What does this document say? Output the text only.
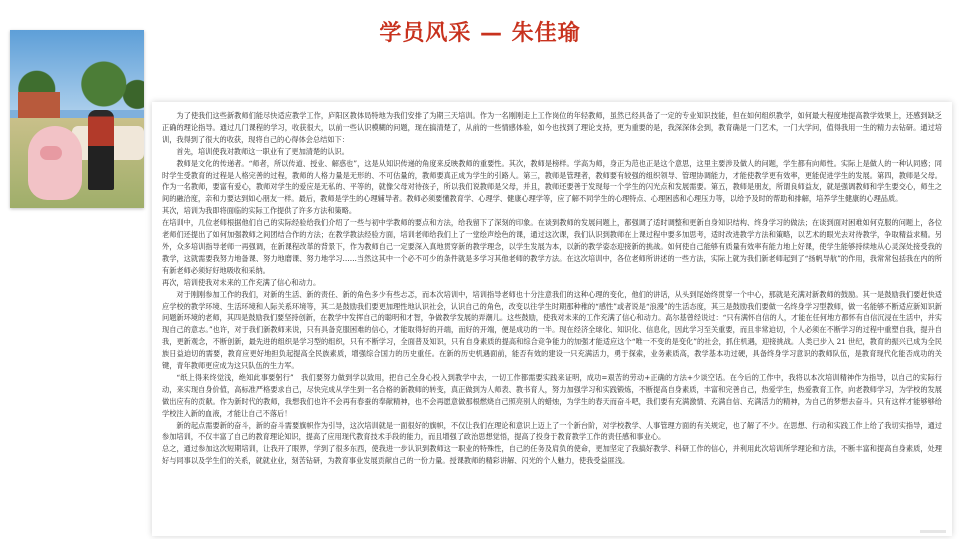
学员风采 — 朱佳瑜

为了使我们这些新教师们能尽快适应教学工作，庐阳区教体局特地为我们安排了为期三天培训。作为一名刚刚走上工作岗位的年轻教师，虽然已经具备了一定的专业知识技能，但在如何组织教学，如何最大程度地提高教学效果上，还感到缺乏正确的理论指导。通过几门课程的学习，收获很大，以前一些认识模糊的问题，现在搞清楚了，从前的一些情感体验，如今也找到了理论支持，更为重要的是，我深深体会到，教育确是一门艺术，一门大学问，值得我用一生的精力去钻研。通过培训，我得到了很大的收获，现将自己的心得体会总结如下：

首先，培训使我对教师这一职业有了更加清楚的认识。

教师是文化的传递者。“师者，所以传道、授业、解惑也”，这是从知识传递的角度来反映教师的重要性。其次，教师是榜样。学高为师，身正为范也正是这个意思，这里主要涉及做人的问题，学生都有向师性。实际上是做人的一种认同感；同时学生受教育的过程是人格完善的过程，教师的人格力量是无形的、不可估量的，教师要真正成为学生的引路人。第三，教师是管理者，教师要有较强的组织领导、管理协调能力，才能使教学更有效率，更能促进学生的发展。第四，教师是父母。作为一名教师，要富有爱心，教师对学生的爱应是无私的、平等的，就像父母对待孩子，所以我们说教师是父母，并且，教师还要善于发现每一个学生的闪光点和发展需要。第五，教师是朋友，所谓良师益友，就是强调教师和学生要交心，师生之间的融洽度，亲和力要达到如心朋友一样。最后，教师是学生的心理辅导者。教师必须要懂教育学、心理学、健康心理学等，应了解不同学生的心理特点、心理困惑和心理压力等，以给予及时的帮助和排解，培养学生健康的心理品质。

其次，培训为我即将面临的实际工作提供了许多方法和策略。

在培训中，几位老师根据他们自己的实际经验给我们介绍了一些与初中学教师的要点和方法，给我留下了深刻的印象。在谈到教师的发展问题上，都强调了适时调整和更新自身知识结构、终身学习的做法；在谈到面对困难如何克服的问题上，各位老师们还提出了如何加强教师之间团结合作的方法；在教学教法经验方面，培训老师给我们上了一堂绘声绘色的课，通过这次课，我们认识到教师在上课过程中要多加思考，适时改进教学方法和策略，以艺术的眼光去对待教学，争取精益求精。另外，众多培训指导老师一再强调，在新课程改革的背景下，作为教师自己一定要深入真地贯穿新的教学理念，以学生发展为本，以新的教学姿态迎接新的挑战。如何使自己能够有质量有效率有能力地上好课，使学生能够持续地从心灵深处接受我的教学，这就需要我努力地备课、努力地磨课、努力地学习……当然这其中一个必不可少的条件就是多学习其他老师的教学方法。在这次培训中，各位老师所讲述的一些方法，实际上就为我们新老师起到了“扬帆导航”的作用，我常常包括我在内的所有新老师必须好好地吸收和采纳。

再次，培训使我对未来的工作充满了信心和动力。

对于刚刚参加工作的我们，对新的生活、新的责任、新的角色多少有些忐忑，而本次培训中，培训指导老师也十分注意我们的这种心理的变化，他们的讲话，从头到尾始终贯穿一个中心，那就是充满对新教师的鼓励。其一是鼓励我们要赶快适应学校的教学环境、生活环境和人际关系环境等，其二是鼓励我们要更加理性地认识社会，认识自己的角色，改变以往学生时期那种稚的“感性”或者说是“浪漫”的生活态度，其三是鼓励我们要做一名终身学习型教师，做一名能够不断适应新知识新问题新环境的老师，其四是鼓励我们要坚持创新，在教学中发挥自己的聪明和才智，争做教学发展的弄潮儿。这些鼓励，使我对未来的工作充满了信心和动力。高尔基曾经说过：“只有满怀自信的人，才能在任何地方都怀有自信沉浸在生活中，并实现自己的意志。”也许，对于我们新教师来说，只有具备克服困难的信心，才能取得好的开端，而好的开端，便是成功的一半。现在经济全球化、知识化、信息化，因此学习至关重要，而且非常迫切，个人必须在不断学习的过程中重塑自我，提升自我，更新观念，不断创新，最先进的组织是学习型的组织，只有不断学习，全面普及知识，只有自身素质的提高和综合竞争能力的加强才能适应这个“唯一不变的是变化”的社会，抓住机遇，迎接挑战。人类已步入 21 世纪，教育的振兴已成为全民族日益迫切的需要，教育应更好地担负起提高全民族素质，增强综合国力的历史重任。在新的历史机遇面前，能否有效的建设一只充满活力，勇于探索，业务素质高，教学基本功过硬，具备终身学习意识的教师队伍，是教育现代化能否成功的关键，青年教师更应成为这只队伍的生力军。

“纸上得来终觉浅，绝知此事要躬行”　我们要努力做到学以致用，把自己全身心投入到教学中去，一切工作都需要实践来证明，成功=艰苦的劳动+正确的方法+少谈空话。在今后的工作中，我将以本次培训精神作为指导，以自己的实际行动，来实现自身价值，高标准严格要求自己，尽快完成从学生到一名合格的新教师的转变，真正做到为人师表、教书育人，努力加强学习和实践锻炼，不断提高自身素质，丰富和完善自己，热爱学生，热爱教育工作，向老教师学习，为学校的发展做出应有的贡献。作为新时代的教师，我想我们也许不会再有春蚕的奉献精神，也不会再愿意做那根燃烧自己照亮别人的蜡烛，为学生的春天而奋斗吧，我们要有充满激情、充满自信、充满活力的精神，为自己的梦想去奋斗。只有这样才能够够给学校注入新的血液，才能让自己不落后！

新的起点需要新的奋斗，新的奋斗需要旗帜作为引导，这次培训就是一面很好的旗帜，不仅让我们在理论和意识上迈上了一个新台阶，对学校教学、人事管理方面的有关规定，也了解了不少。在思想、行动和实践工作上给了我切实指导，通过参加培训，不仅丰富了自己的教育理论知识，提高了应用现代教育技术手段的能力，而且增强了政治思想觉悟，提高了投身于教育教学工作的责任感和事业心。

总之，通过参加这次短期培训，让我开了眼界，学到了很多东西，使我进一步认识到教师这一职业的特殊性，自己的任务及肩负的使命，更加坚定了我搞好教学、科研工作的信心，并利用此次培训所学理论和方法，不断丰富和提高自身素质，处理好与同事以及学生们的关系，就就业业，刻苦钻研，为教育事业发展贡献自己的一份力量。授课教师的精彩讲解、闪光的个人魅力，使我受益匪浅。
